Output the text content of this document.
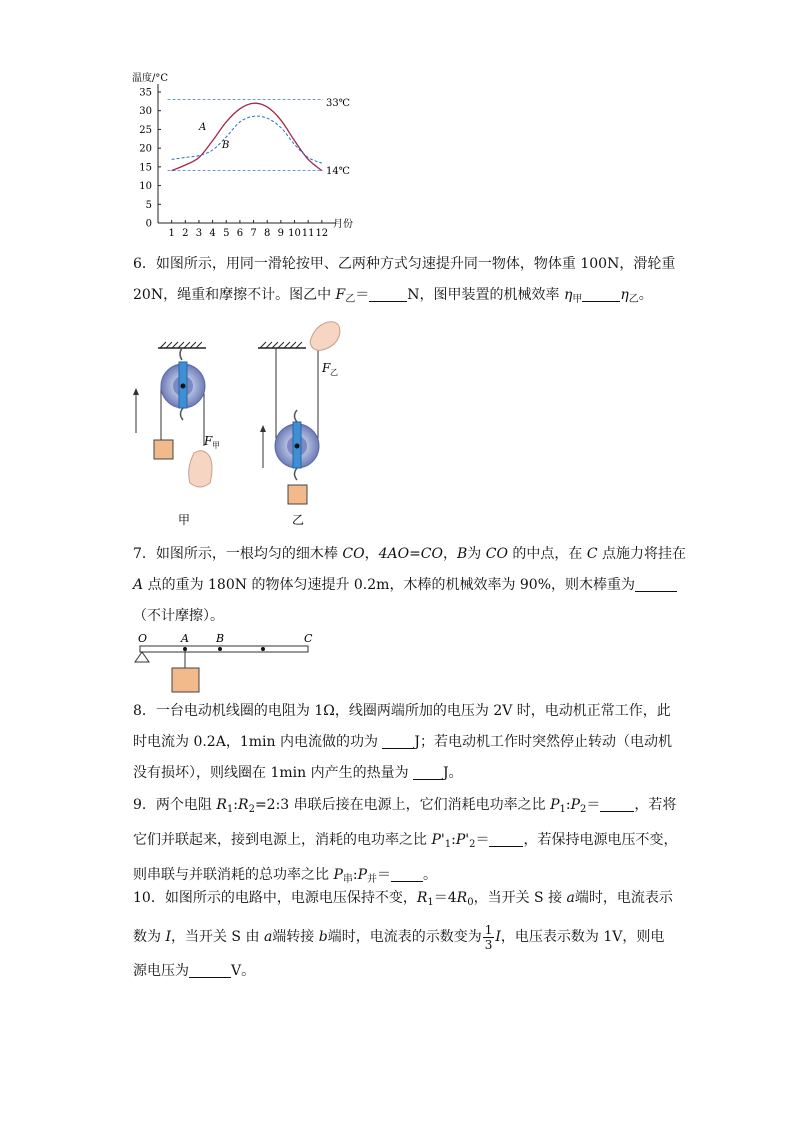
0
5
10
15
20
25
30
35
1 2 3 4 5 6 7 8 9 10 11 12
温度/°C
月份
A
B
33℃
14℃

6．如图所示，用同一滑轮按甲、乙两种方式匀速提升同一物体，物体重 100N，滑轮重

20N，绳重和摩擦不计。图乙中 $F_乙=$	N，图甲装置的机械效率 $\eta_甲$	$\eta_乙$。

F 甲
F 乙
甲	乙

7．如图所示，一根均匀的细木棒 CO，4AO=CO，B为 CO 的中点，在 C 点施力将挂在

A 点的重为 180N 的物体匀速提升 0.2m，木棒的机械效率为 90%，则木棒重为

（不计摩擦）。

O	A B	C

8．一台电动机线圈的电阻为 1Ω，线圈两端所加的电压为 2V 时，电动机正常工作，此

时电流为 0.2A，1min 内电流做的功为	J；若电动机工作时突然停止转动（电动机

没有损坏），则线圈在 1min 内产生的热量为 J。

9．两个电阻 $R_1:R_2=2:3$ 串联后接在电源上，它们消耗电功率之比 $P_1:P_2=$ ，若将

它们并联起来，接到电源上，消耗的电功率之比 $P'_1:P'_2=$ ，若保持电源电压不变，

则串联与并联消耗的总功率之比 $P_串:P_并=$ 。

10．如图所示的电路中，电源电压保持不变，$R_1=4R_0$，当开关 S 接 a端时，电流表示

数为 I，当开关 S 由 a端转接 b端时，电流表的示数变为 $\frac{1}{3}$ I，电压表示数为 1V，则电

源电压为	V。
